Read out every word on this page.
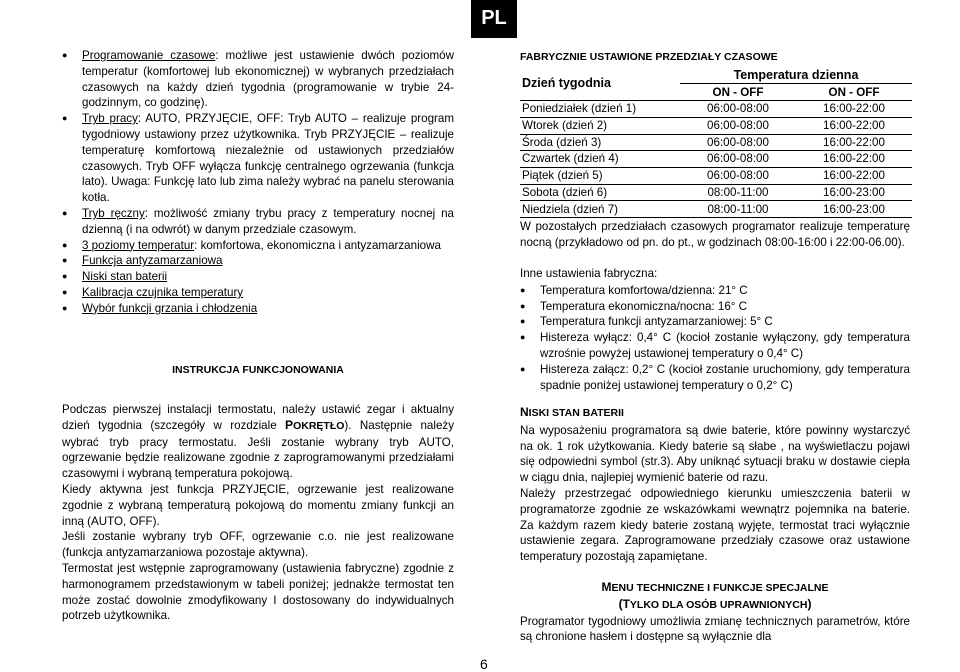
PL
● Programowanie czasowe: możliwe jest ustawienie dwóch poziomów temperatur (komfortowej lub ekonomicznej) w wybranych przedziałach czasowych na każdy dzień tygodnia (programowanie w trybie 24-godzinnym, co godzinę).
● Tryb pracy: AUTO, PRZYJĘCIE, OFF: Tryb AUTO – realizuje program tygodniowy ustawiony przez użytkownika. Tryb PRZYJĘCIE – realizuje temperaturę komfortową niezależnie od ustawionych przedziałów czasowych. Tryb OFF wyłącza funkcję centralnego ogrzewania (funkcja lato). Uwaga: Funkcję lato lub zima należy wybrać na panelu sterowania kotła.
● Tryb ręczny: możliwość zmiany trybu pracy z temperatury nocnej na dzienną (i na odwrót) w danym przedziale czasowym.
● 3 poziomy temperatur: komfortowa, ekonomiczna i antyzamarzaniowa
● Funkcja antyzamarzaniowa
● Niski stan baterii
● Kalibracja czujnika temperatury
● Wybór funkcji grzania i chłodzenia
INSTRUKCJA FUNKCJONOWANIA

Podczas pierwszej instalacji termostatu, należy ustawić zegar i aktualny dzień tygodnia (szczegóły w rozdziale POKRĘTŁO). Następnie należy wybrać tryb pracy termostatu. Jeśli zostanie wybrany tryb AUTO, ogrzewanie będzie realizowane zgodnie z zaprogramowanymi przedziałami czasowymi i wybraną temperatura pokojową.

Kiedy aktywna jest funkcja PRZYJĘCIE, ogrzewanie jest realizowane zgodnie z wybraną temperaturą pokojową do momentu zmiany funkcji an inną (AUTO, OFF).

Jeśli zostanie wybrany tryb OFF, ogrzewanie c.o. nie jest realizowane (funkcja antyzamarzaniowa pozostaje aktywna).

Termostat jest wstępnie zaprogramowany (ustawienia fabryczne) zgodnie z harmonogramem przedstawionym w tabeli poniżej; jednakże termostat ten może zostać dowolnie zmodyfikowany I dostosowany do indywidualnych potrzeb użytkownika.

FABRYCZNIE USTAWIONE PRZEDZIAŁY CZASOWE
Dzień tygodnia	Temperatura dzienna	
	ON - OFF	ON - OFF
Poniedziałek (dzień 1)	06:00-08:00	16:00-22:00
Wtorek (dzień 2)	06:00-08:00	16:00-22:00
Środa (dzień 3)	06:00-08:00	16:00-22:00
Czwartek (dzień 4)	06:00-08:00	16:00-22:00
Piątek (dzień 5)	06:00-08:00	16:00-22:00
Sobota (dzień 6)	08:00-11:00	16:00-23:00
Niedziela (dzień 7)	08:00-11:00	16:00-23:00

W pozostałych przedziałach czasowych programator realizuje temperaturę nocną (przykładowo od pn. do pt., w godzinach 08:00-16:00 i 22:00-06.00).

Inne ustawienia fabryczna:

● Temperatura komfortowa/dzienna: 21° C
● Temperatura ekonomiczna/nocna: 16° C
● Temperatura funkcji antyzamarzaniowej: 5° C
● Histereza wyłącz: 0,4° C (kocioł zostanie wyłączony, gdy temperatura wzrośnie powyżej ustawionej temperatury o 0,4° C)
● Histereza załącz: 0,2° C (kocioł zostanie uruchomiony, gdy temperatura spadnie poniżej ustawionej temperatury o 0,2° C)
NISKI STAN BATERII

Na wyposażeniu programatora są dwie baterie, które powinny wystarczyć na ok. 1 rok użytkowania. Kiedy baterie są słabe , na wyświetlaczu pojawi się odpowiedni symbol (str.3). Aby uniknąć sytuacji braku w dostawie ciepła w ciągu dnia, najlepiej wymienić baterie od razu.

Należy przestrzegać odpowiedniego kierunku umieszczenia baterii w programatorze zgodnie ze wskazówkami wewnątrz pojemnika na baterie. Za każdym razem kiedy baterie zostaną wyjęte, termostat traci wyłącznie ustawienie zegara. Zaprogramowane przedziały czasowe oraz ustawione temperatury pozostają zapamiętane.

MENU TECHNICZNE I FUNKCJE SPECJALNE
(TYLKO DLA OSÓB UPRAWNIONYCH)

Programator tygodniowy umożliwia zmianę technicznych parametrów, które są chronione hasłem i dostępne są wyłącznie dla

6
